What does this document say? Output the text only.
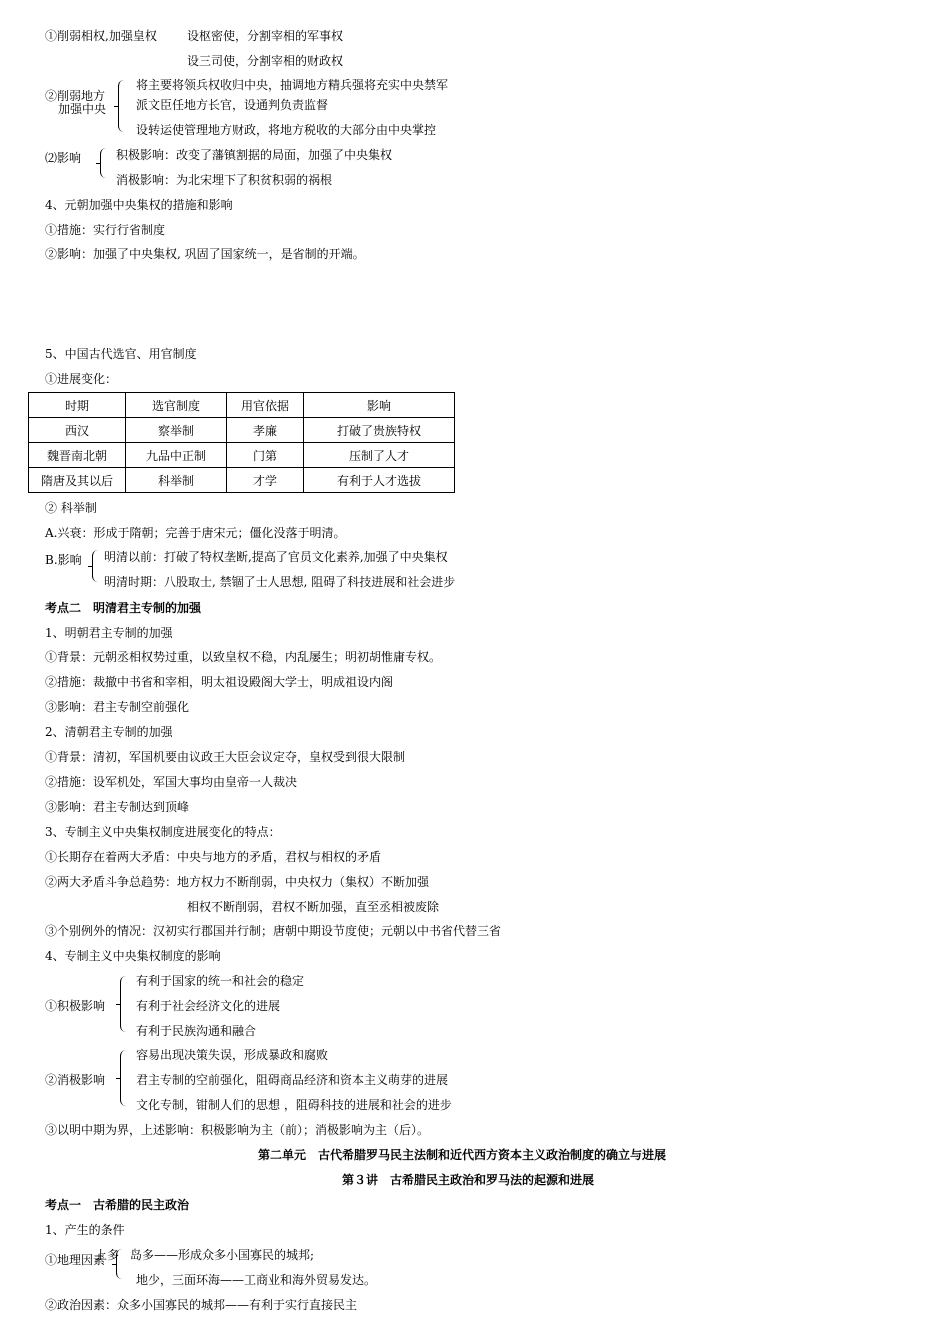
①削弱相权,加强皇权	设枢密使，分割宰相的军事权
设三司使，分割宰相的财政权
②削弱地方
加强中央
将主要将领兵权收归中央，抽调地方精兵强将充实中央禁军
派文臣任地方长官，设通判负责监督
设转运使管理地方财政，将地方税收的大部分由中央掌控
⑵影响	积极影响：改变了藩镇割据的局面，加强了中央集权
消极影响：为北宋埋下了积贫积弱的祸根
4、元朝加强中央集权的措施和影响
①措施：实行行省制度
②影响：加强了中央集权, 巩固了国家统一，是省制的开端。
5、中国古代选官、用官制度
①进展变化：
时期	选官制度	用官依据	影响
西汉	察举制	孝廉	打破了贵族特权
魏晋南北朝	九品中正制	门第	压制了人才
隋唐及其以后	科举制	才学	有利于人才选拔
② 科举制
A.兴衰：形成于隋朝；完善于唐宋元；僵化没落于明清。
B.影响 明清以前：打破了特权垄断,提高了官员文化素养,加强了中央集权
明清时期：八股取士, 禁锢了士人思想, 阻碍了科技进展和社会进步
考点二　明清君主专制的加强
1、明朝君主专制的加强
①背景：元朝丞相权势过重，以致皇权不稳，内乱屡生；明初胡惟庸专权。
②措施：裁撤中书省和宰相，明太祖设殿阁大学士，明成祖设内阁
③影响：君主专制空前强化
2、清朝君主专制的加强
①背景：清初，军国机要由议政王大臣会议定夺，皇权受到很大限制
②措施：设军机处，军国大事均由皇帝一人裁决
③影响：君主专制达到顶峰
3、专制主义中央集权制度进展变化的特点：
①长期存在着两大矛盾：中央与地方的矛盾，君权与相权的矛盾
②两大矛盾斗争总趋势：地方权力不断削弱，中央权力（集权）不断加强
相权不断削弱，君权不断加强，直至丞相被废除
③个别例外的情况：汉初实行郡国并行制；唐朝中期设节度使；元朝以中书省代替三省
4、专制主义中央集权制度的影响
①积极影响
有利于国家的统一和社会的稳定
有利于社会经济文化的进展
有利于民族沟通和融合
②消极影响
容易出现决策失误，形成暴政和腐败
君主专制的空前强化，阻碍商品经济和资本主义萌芽的进展
文化专制，钳制人们的思想 ，阻碍科技的进展和社会的进步
③以明中期为界，上述影响：积极影响为主（前）；消极影响为主（后）。
第二单元　古代希腊罗马民主法制和近代西方资本主义政治制度的确立与进展
第３讲　古希腊民主政治和罗马法的起源和进展
考点一　古希腊的民主政治
1、产生的条件
①地理因素
上多 岛多——形成众多小国寡民的城邦;
地少，三面环海——工商业和海外贸易发达。
②政治因素：众多小国寡民的城邦——有利于实行直接民主
